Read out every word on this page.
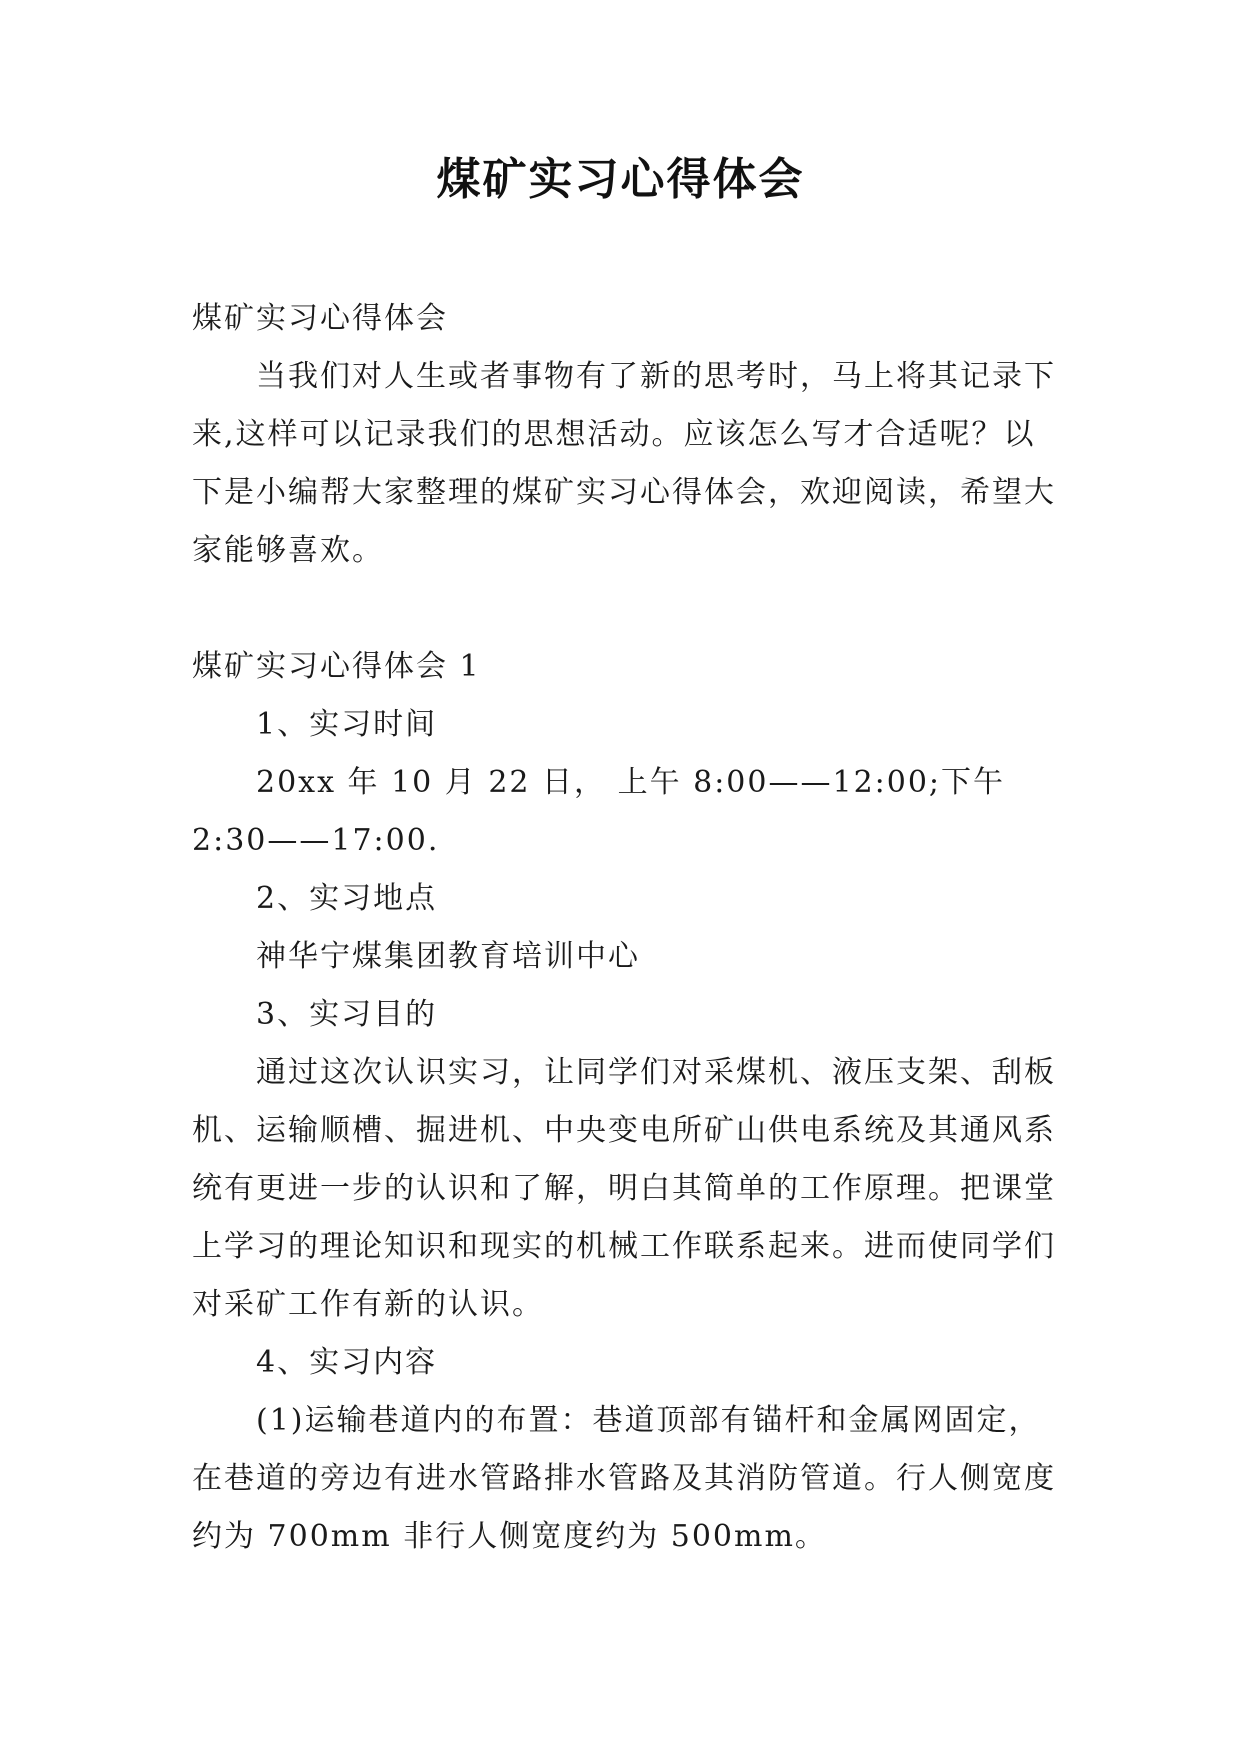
煤矿实习心得体会

煤矿实习心得体会

当我们对人生或者事物有了新的思考时，马上将其记录下来,这样可以记录我们的思想活动。应该怎么写才合适呢？以下是小编帮大家整理的煤矿实习心得体会，欢迎阅读，希望大家能够喜欢。

煤矿实习心得体会 1

1、实习时间

20xx 年 10 月 22 日， 上午 8:00——12:00;下午 2:30——17:00.

2、实习地点

神华宁煤集团教育培训中心

3、实习目的

通过这次认识实习，让同学们对采煤机、液压支架、刮板机、运输顺槽、掘进机、中央变电所矿山供电系统及其通风系统有更进一步的认识和了解，明白其简单的工作原理。把课堂上学习的理论知识和现实的机械工作联系起来。进而使同学们对采矿工作有新的认识。

4、实习内容

(1)运输巷道内的布置：巷道顶部有锚杆和金属网固定，在巷道的旁边有进水管路排水管路及其消防管道。行人侧宽度约为 700mm 非行人侧宽度约为 500mm。
